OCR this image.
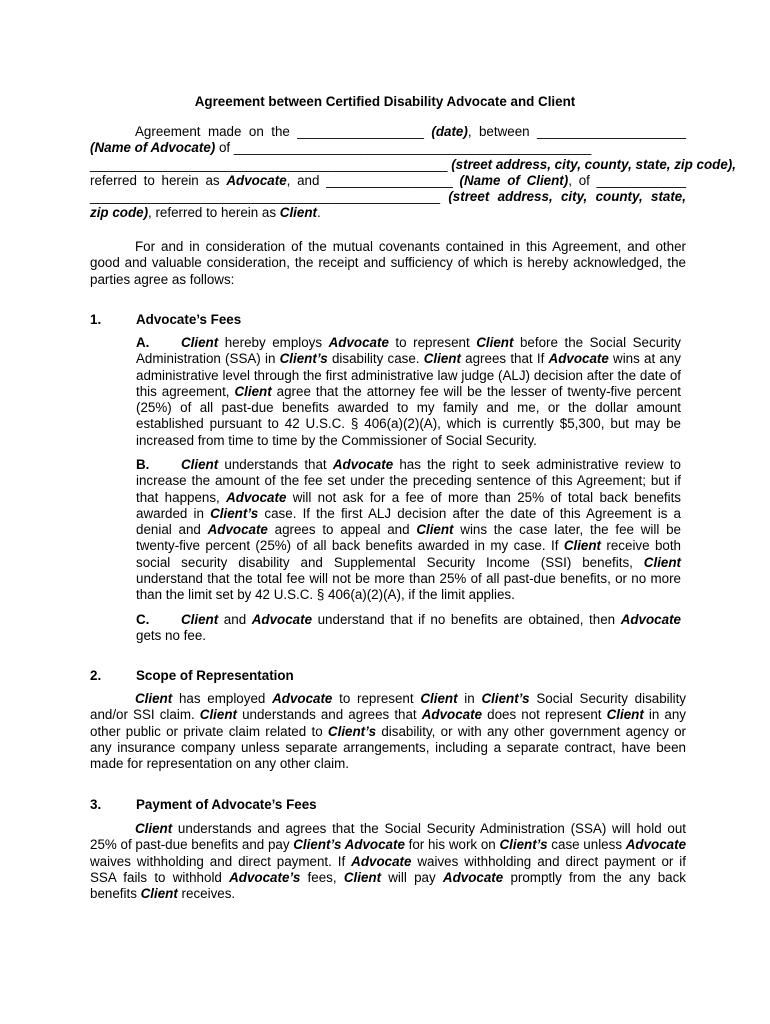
Agreement between Certified Disability Advocate and Client
Agreement made on the _________________ (date), between ____________________
(Name of Advocate) of ________________________________________________
________________________________________________ (street address, city, county, state, zip code),
referred to herein as Advocate, and _________________ (Name of Client), of ____________
_______________________________________________ (street address, city, county, state,
zip code), referred to herein as Client.

For and in consideration of the mutual covenants contained in this Agreement, and other good and valuable consideration, the receipt and sufficiency of which is hereby acknowledged, the parties agree as follows:

1.	Advocate’s Fees

A. Client hereby employs Advocate to represent Client before the Social Security Administration (SSA) in Client’s disability case. Client agrees that If Advocate wins at any administrative level through the first administrative law judge (ALJ) decision after the date of this agreement, Client agree that the attorney fee will be the lesser of twenty-five percent (25%) of all past-due benefits awarded to my family and me, or the dollar amount established pursuant to 42 U.S.C. § 406(a)(2)(A), which is currently $5,300, but may be increased from time to time by the Commissioner of Social Security.

B. Client understands that Advocate has the right to seek administrative review to increase the amount of the fee set under the preceding sentence of this Agreement; but if that happens, Advocate will not ask for a fee of more than 25% of total back benefits awarded in Client’s case. If the first ALJ decision after the date of this Agreement is a denial and Advocate agrees to appeal and Client wins the case later, the fee will be twenty-five percent (25%) of all back benefits awarded in my case. If Client receive both social security disability and Supplemental Security Income (SSI) benefits, Client understand that the total fee will not be more than 25% of all past-due benefits, or no more than the limit set by 42 U.S.C. § 406(a)(2)(A), if the limit applies.

C. Client and Advocate understand that if no benefits are obtained, then Advocate gets no fee.

2.	Scope of Representation

Client has employed Advocate to represent Client in Client’s Social Security disability and/or SSI claim. Client understands and agrees that Advocate does not represent Client in any other public or private claim related to Client’s disability, or with any other government agency or any insurance company unless separate arrangements, including a separate contract, have been made for representation on any other claim.

3.	Payment of Advocate’s Fees

Client understands and agrees that the Social Security Administration (SSA) will hold out 25% of past-due benefits and pay Client’s Advocate for his work on Client’s case unless Advocate waives withholding and direct payment. If Advocate waives withholding and direct payment or if SSA fails to withhold Advocate’s fees, Client will pay Advocate promptly from the any back benefits Client receives.
